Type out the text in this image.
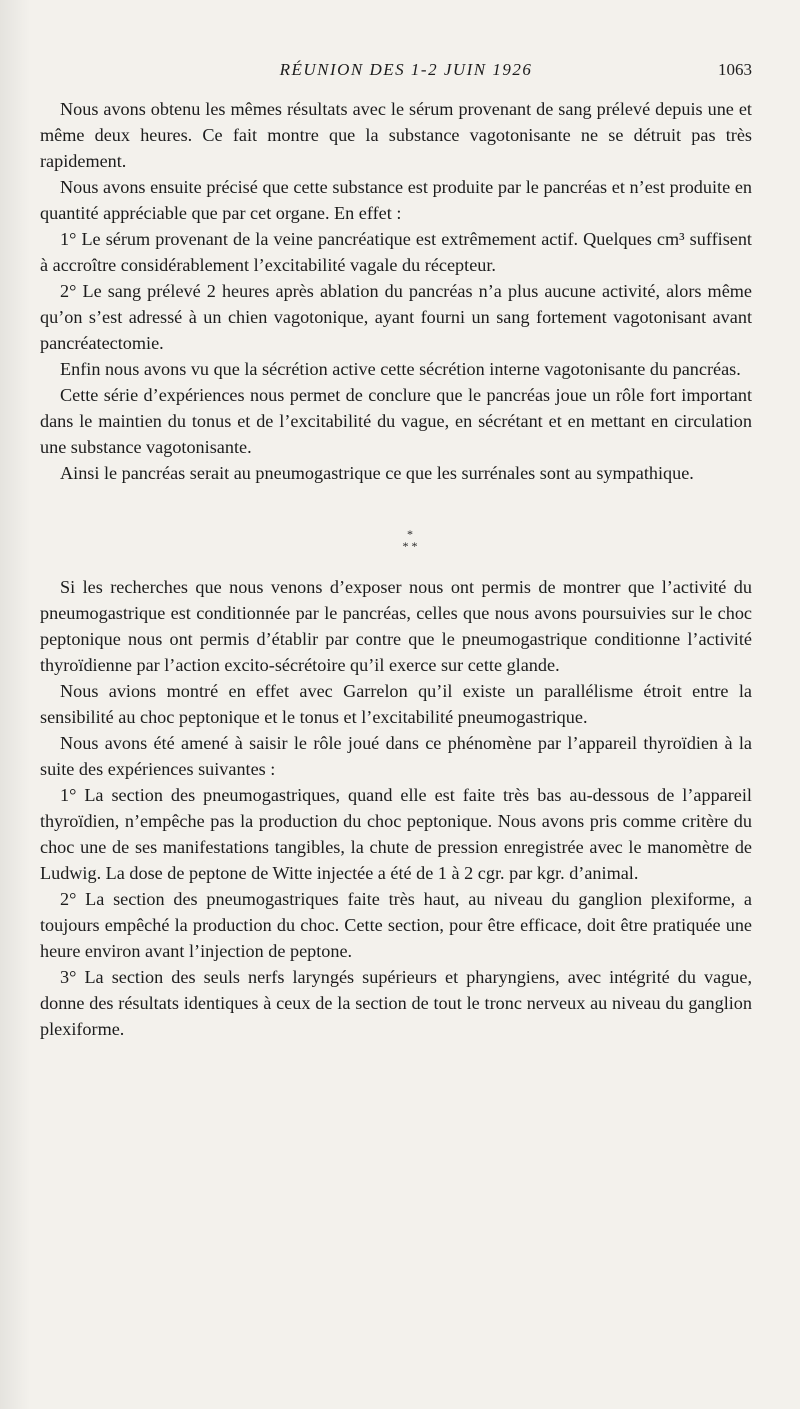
RÉUNION DES 1-2 JUIN 1926	1063

Nous avons obtenu les mêmes résultats avec le sérum provenant de sang prélevé depuis une et même deux heures. Ce fait montre que la substance vagotonisante ne se détruit pas très rapidement.

Nous avons ensuite précisé que cette substance est produite par le pancréas et n’est produite en quantité appréciable que par cet organe. En effet :

1° Le sérum provenant de la veine pancréatique est extrêmement actif. Quelques cm³ suffisent à accroître considérablement l’excitabilité vagale du récepteur.

2° Le sang prélevé 2 heures après ablation du pancréas n’a plus aucune activité, alors même qu’on s’est adressé à un chien vagotonique, ayant fourni un sang fortement vagotonisant avant pancréatectomie.

Enfin nous avons vu que la sécrétion active cette sécrétion interne vagotonisante du pancréas.

Cette série d’expériences nous permet de conclure que le pancréas joue un rôle fort important dans le maintien du tonus et de l’excitabilité du vague, en sécrétant et en mettant en circulation une substance vagotonisante.

Ainsi le pancréas serait au pneumogastrique ce que les surrénales sont au sympathique.

*
* *

Si les recherches que nous venons d’exposer nous ont permis de montrer que l’activité du pneumogastrique est conditionnée par le pancréas, celles que nous avons poursuivies sur le choc peptonique nous ont permis d’établir par contre que le pneumogastrique conditionne l’activité thyroïdienne par l’action excito-sécrétoire qu’il exerce sur cette glande.

Nous avions montré en effet avec Garrelon qu’il existe un parallélisme étroit entre la sensibilité au choc peptonique et le tonus et l’excitabilité pneumogastrique.

Nous avons été amené à saisir le rôle joué dans ce phénomène par l’appareil thyroïdien à la suite des expériences suivantes :

1° La section des pneumogastriques, quand elle est faite très bas au-dessous de l’appareil thyroïdien, n’empêche pas la production du choc peptonique. Nous avons pris comme critère du choc une de ses manifestations tangibles, la chute de pression enregistrée avec le manomètre de Ludwig. La dose de peptone de Witte injectée a été de 1 à 2 cgr. par kgr. d’animal.

2° La section des pneumogastriques faite très haut, au niveau du ganglion plexiforme, a toujours empêché la production du choc. Cette section, pour être efficace, doit être pratiquée une heure environ avant l’injection de peptone.

3° La section des seuls nerfs laryngés supérieurs et pharyngiens, avec intégrité du vague, donne des résultats identiques à ceux de la section de tout le tronc nerveux au niveau du ganglion plexiforme.
